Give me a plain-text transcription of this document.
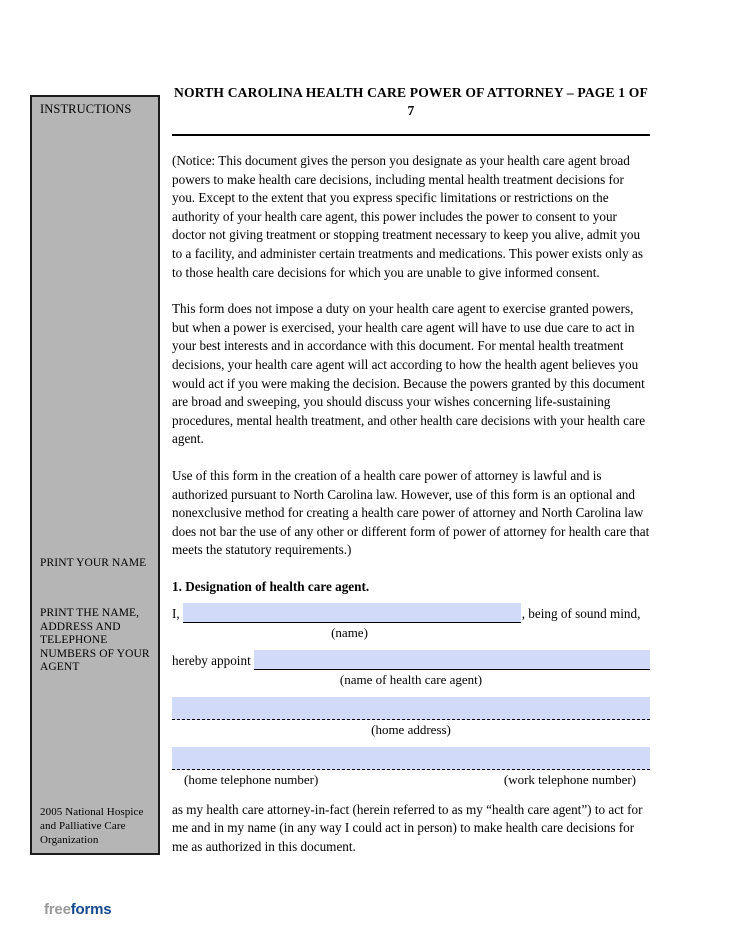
INSTRUCTIONS
PRINT YOUR NAME
PRINT THE NAME, ADDRESS AND TELEPHONE NUMBERS OF YOUR AGENT
2005 National Hospice and Palliative Care Organization
NORTH CAROLINA HEALTH CARE POWER OF ATTORNEY – PAGE 1 OF 7

(Notice: This document gives the person you designate as your health care agent broad powers to make health care decisions, including mental health treatment decisions for you. Except to the extent that you express specific limitations or restrictions on the authority of your health care agent, this power includes the power to consent to your doctor not giving treatment or stopping treatment necessary to keep you alive, admit you to a facility, and administer certain treatments and medications. This power exists only as to those health care decisions for which you are unable to give informed consent.

This form does not impose a duty on your health care agent to exercise granted powers, but when a power is exercised, your health care agent will have to use due care to act in your best interests and in accordance with this document. For mental health treatment decisions, your health care agent will act according to how the health agent believes you would act if you were making the decision. Because the powers granted by this document are broad and sweeping, you should discuss your wishes concerning life-sustaining procedures, mental health treatment, and other health care decisions with your health care agent.

Use of this form in the creation of a health care power of attorney is lawful and is authorized pursuant to North Carolina law. However, use of this form is an optional and nonexclusive method for creating a health care power of attorney and North Carolina law does not bar the use of any other or different form of power of attorney for health care that meets the statutory requirements.)

1. Designation of health care agent.
I,	, being of sound mind,
(name)
hereby appoint
(name of health care agent)
(home address)
(home telephone number)	(work telephone number)

as my health care attorney-in-fact (herein referred to as my “health care agent”) to act for me and in my name (in any way I could act in person) to make health care decisions for me as authorized in this document.

freeforms
